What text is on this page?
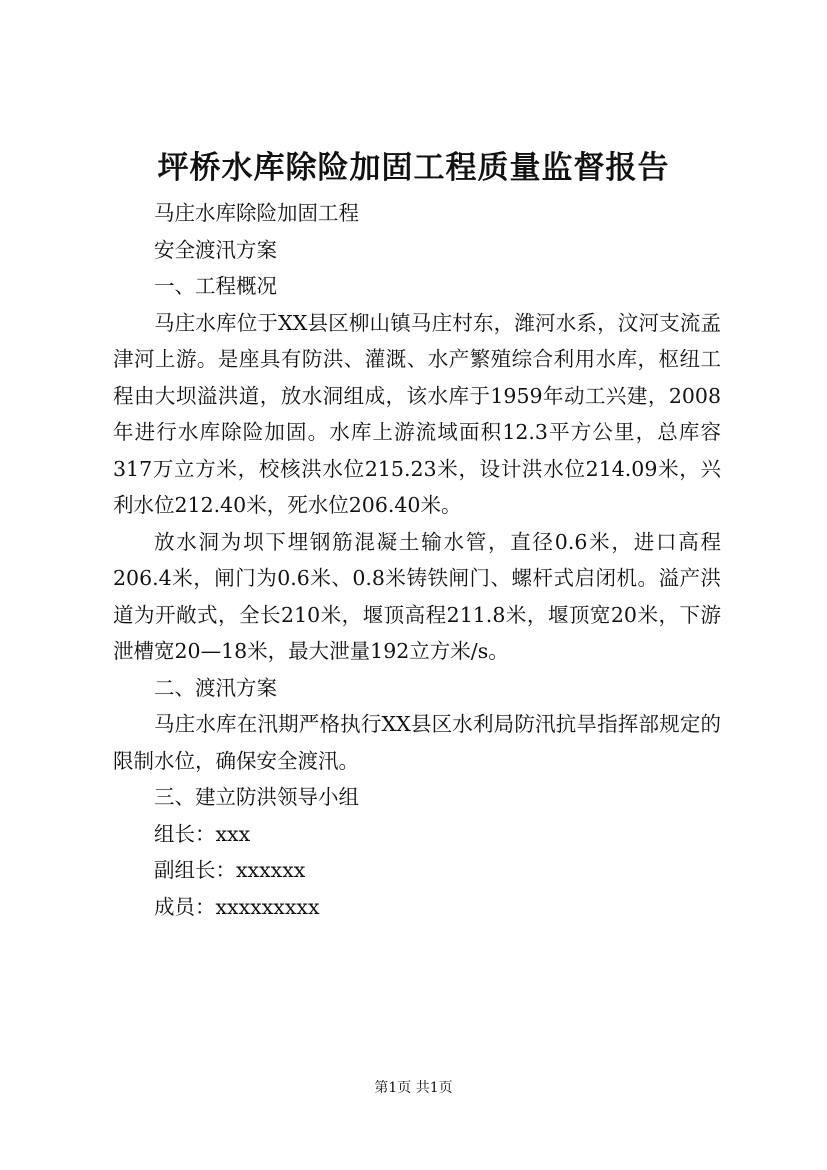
坪桥水库除险加固工程质量监督报告

马庄水库除险加固工程

安全渡汛方案

一、工程概况

马庄水库位于XX县区柳山镇马庄村东，潍河水系，汶河支流孟津河上游。是座具有防洪、灌溉、水产繁殖综合利用水库，枢纽工程由大坝溢洪道，放水洞组成，该水库于1959年动工兴建，2008年进行水库除险加固。水库上游流域面积12.3平方公里，总库容317万立方米，校核洪水位215.23米，设计洪水位214.09米，兴利水位212.40米，死水位206.40米。

放水洞为坝下埋钢筋混凝土输水管，直径0.6米，进口高程206.4米，闸门为0.6米、0.8米铸铁闸门、螺杆式启闭机。溢产洪道为开敞式，全长210米，堰顶高程211.8米，堰顶宽20米，下游泄槽宽20—18米，最大泄量192立方米/s。

二、渡汛方案

马庄水库在汛期严格执行XX县区水利局防汛抗旱指挥部规定的限制水位，确保安全渡汛。

三、建立防洪领导小组

组长：xxx

副组长：xxxxxx

成员：xxxxxxxxx

第1页 共1页
